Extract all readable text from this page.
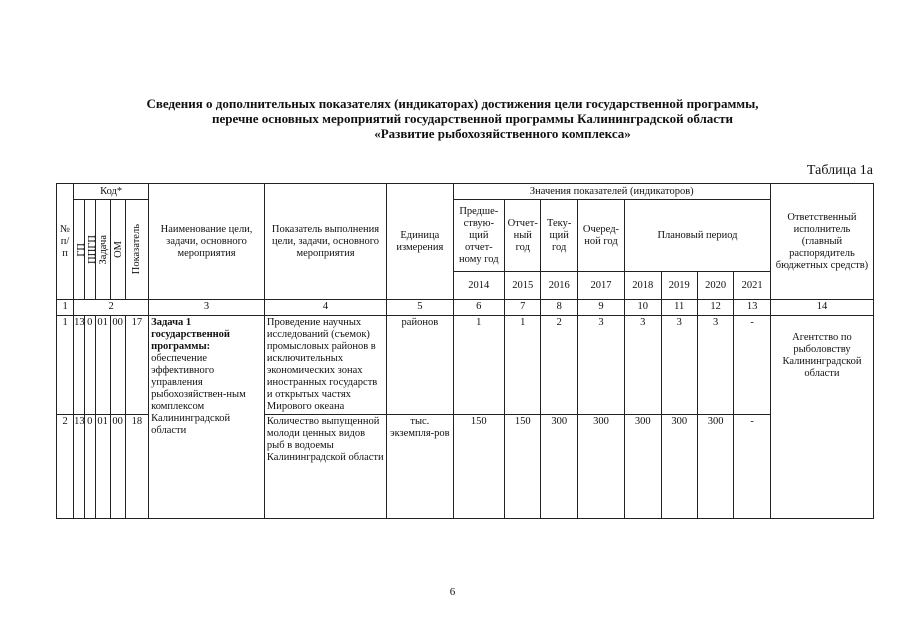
Сведения о дополнительных показателях (индикаторах) достижения цели государственной программы,
перечне основных мероприятий государственной программы Калининградской области
«Развитие рыбохозяйственного комплекса»
Таблица 1а
№ п/п	Код*					Наименование цели, задачи, основного мероприятия	Показатель выполнения цели, задачи, основного мероприятия	Единица измерения	Значения показателей (индикаторов)								Ответственный исполнитель (главный распорядитель бюджетных средств)

	ГП	ППГП	Задача	ОМ	Показатель				Предше-ствую-щий отчет-ному год	Отчет-ный год	Теку-щий год	Очеред-ной год	Плановый период				
									2014	2015	2016	2017	2018	2019	2020	2021	
1	2					3	4	5	6	7	8	9	10	11	12	13	14
1	13	0	01	00	17	Задача 1 государственной программы: обеспечение эффективного управления рыбохозяйствен-ным комплексом Калининградской области	Проведение научных исследований (съемок) промысловых районов в исключительных экономических зонах иностранных государств и открытых частях Мирового океана	районов	1	1	2	3	3	3	3	-	Агентство по рыболовству Калининградской области
2	13	0	01	00	18		Количество выпущенной молоди ценных видов рыб в водоемы Калининградской области	тыс. экземпля-ров	150	150	300	300	300	300	300	-	
6
